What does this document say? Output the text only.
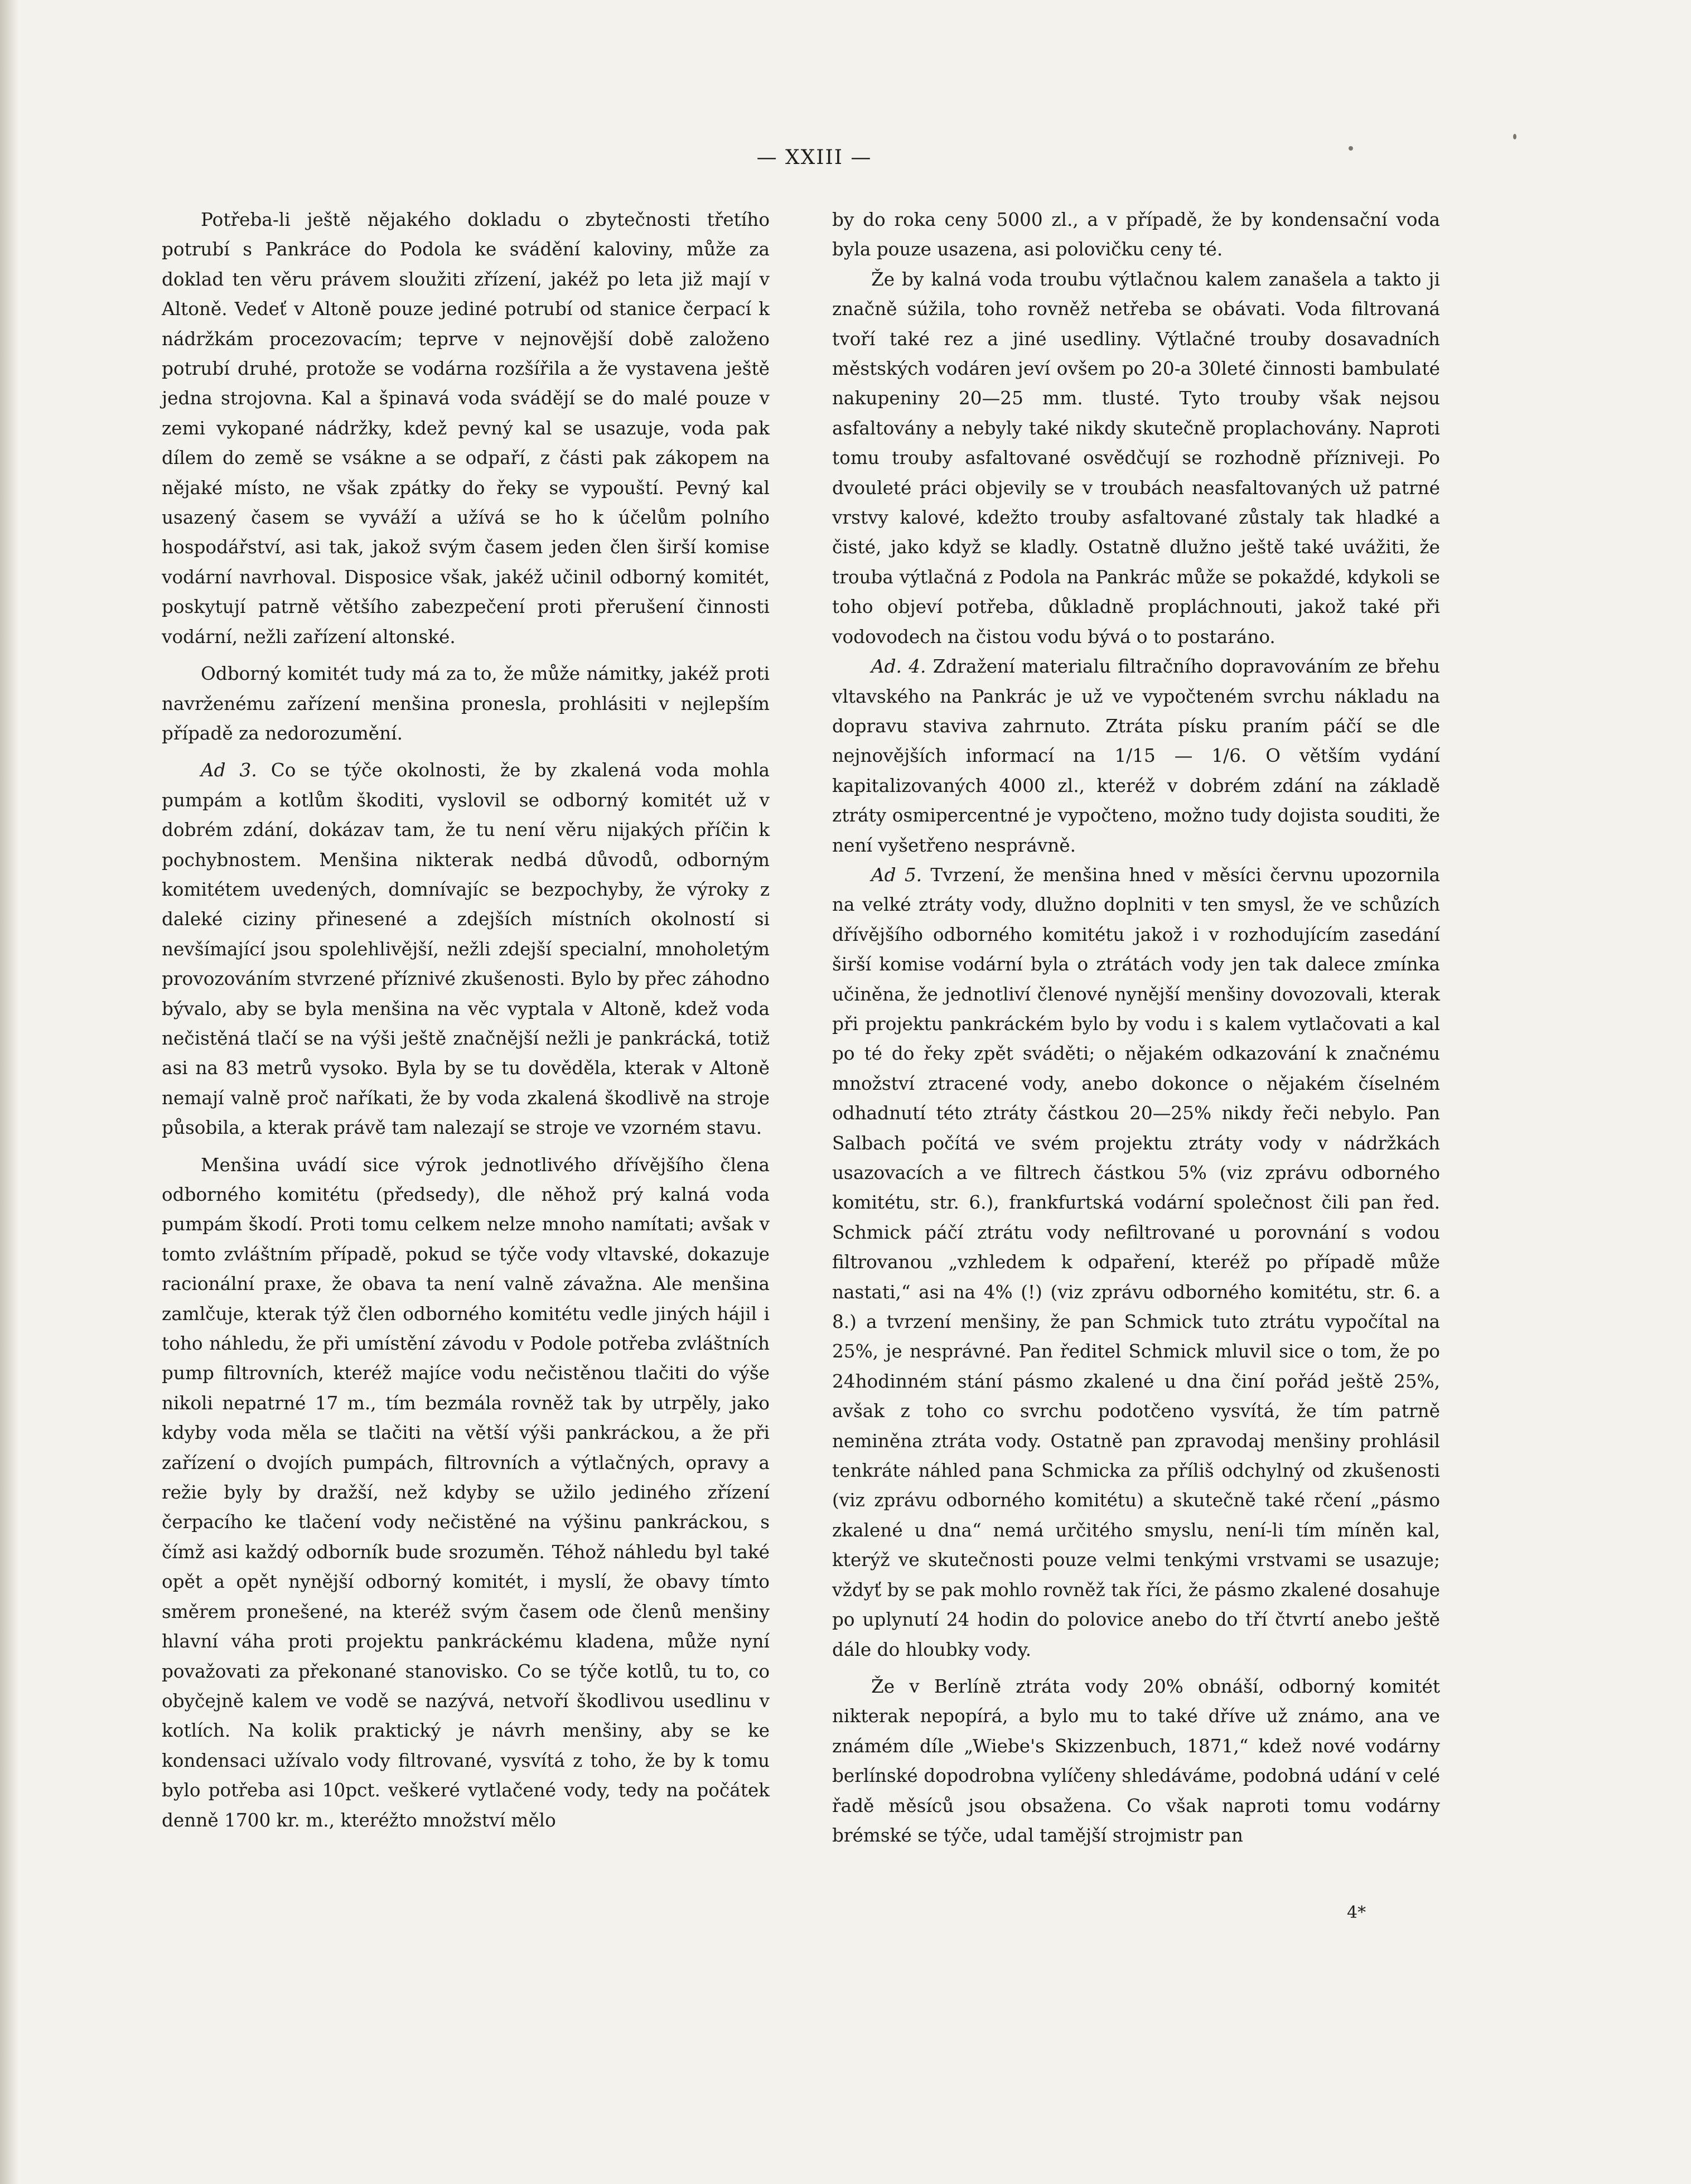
— XXIII —

Potřeba-li ještě nějakého dokladu o zbytečnosti třetího potrubí s Pankráce do Podola ke svádění kaloviny, může za doklad ten věru právem sloužiti zřízení, jakéž po leta již mají v Altoně. Vedeť v Altoně pouze jediné potrubí od stanice čerpací k nádržkám procezovacím; teprve v nejnovější době založeno potrubí druhé, protože se vodárna rozšířila a že vystavena ještě jedna strojovna. Kal a špinavá voda svádějí se do malé pouze v zemi vykopané nádržky, kdež pevný kal se usazuje, voda pak dílem do země se vsákne a se odpaří, z části pak zákopem na nějaké místo, ne však zpátky do řeky se vypouští. Pevný kal usazený časem se vyváží a užívá se ho k účelům polního hospodářství, asi tak, jakož svým časem jeden člen širší komise vodární navrhoval. Disposice však, jakéž učinil odborný komitét, poskytují patrně většího zabezpečení proti přerušení činnosti vodární, nežli zařízení altonské.

Odborný komitét tudy má za to, že může námitky, jakéž proti navrženému zařízení menšina pronesla, prohlásiti v nejlepším případě za nedorozumění.

Ad 3. Co se týče okolnosti, že by zkalená voda mohla pumpám a kotlům škoditi, vyslovil se odborný komitét už v dobrém zdání, dokázav tam, že tu není věru nijakých příčin k pochybnostem. Menšina nikterak nedbá důvodů, odborným komitétem uvedených, domnívajíc se bezpochyby, že výroky z daleké ciziny přinesené a zdejších místních okolností si nevšímající jsou spolehlivější, nežli zdejší specialní, mnoholetým provozováním stvrzené příznivé zkušenosti. Bylo by přec záhodno bývalo, aby se byla menšina na věc vyptala v Altoně, kdež voda nečistěná tlačí se na výši ještě značnější nežli je pankrácká, totiž asi na 83 metrů vysoko. Byla by se tu dověděla, kterak v Altoně nemají valně proč naříkati, že by voda zkalená škodlivě na stroje působila, a kterak právě tam nalezají se stroje ve vzorném stavu.

Menšina uvádí sice výrok jednotlivého dřívějšího člena odborného komitétu (předsedy), dle něhož prý kalná voda pumpám škodí. Proti tomu celkem nelze mnoho namítati; avšak v tomto zvláštním případě, pokud se týče vody vltavské, dokazuje racionální praxe, že obava ta není valně závažna. Ale menšina zamlčuje, kterak týž člen odborného komitétu vedle jiných hájil i toho náhledu, že při umístění závodu v Podole potřeba zvláštních pump filtrovních, kteréž majíce vodu nečistěnou tlačiti do výše nikoli nepatrné 17 m., tím bezmála rovněž tak by utrpěly, jako kdyby voda měla se tlačiti na větší výši pankráckou, a že při zařízení o dvojích pumpách, filtrovních a výtlačných, opravy a režie byly by dražší, než kdyby se užilo jediného zřízení čerpacího ke tlačení vody nečistěné na výšinu pankráckou, s čímž asi každý odborník bude srozuměn. Téhož náhledu byl také opět a opět nynější odborný komitét, i myslí, že obavy tímto směrem pronešené, na kteréž svým časem ode členů menšiny hlavní váha proti projektu pankráckému kladena, může nyní považovati za překonané stanovisko. Co se týče kotlů, tu to, co obyčejně kalem ve vodě se nazývá, netvoří škodlivou usedlinu v kotlích. Na kolik praktický je návrh menšiny, aby se ke kondensaci užívalo vody filtrované, vysvítá z toho, že by k tomu bylo potřeba asi 10pct. veškeré vytlačené vody, tedy na počátek denně 1700 kr. m., kteréžto množství mělo

by do roka ceny 5000 zl., a v případě, že by kondensační voda byla pouze usazena, asi polovičku ceny té.

Že by kalná voda troubu výtlačnou kalem zanašela a takto ji značně súžila, toho rovněž netřeba se obávati. Voda filtrovaná tvoří také rez a jiné usedliny. Výtlačné trouby dosavadních městských vodáren jeví ovšem po 20-a 30leté činnosti bambulaté nakupeniny 20—25 mm. tlusté. Tyto trouby však nejsou asfaltovány a nebyly také nikdy skutečně proplachovány. Naproti tomu trouby asfaltované osvědčují se rozhodně přízniveji. Po dvouleté práci objevily se v troubách neasfaltovaných už patrné vrstvy kalové, kdežto trouby asfaltované zůstaly tak hladké a čisté, jako když se kladly. Ostatně dlužno ještě také uvážiti, že trouba výtlačná z Podola na Pankrác může se pokaždé, kdykoli se toho objeví potřeba, důkladně propláchnouti, jakož také při vodovodech na čistou vodu bývá o to postaráno.

Ad. 4. Zdražení materialu filtračního dopravováním ze břehu vltavského na Pankrác je už ve vypočteném svrchu nákladu na dopravu staviva zahrnuto. Ztráta písku praním páčí se dle nejnovějších informací na 1/15 — 1/6. O větším vydání kapitalizovaných 4000 zl., kteréž v dobrém zdání na základě ztráty osmipercentné je vypočteno, možno tudy dojista souditi, že není vyšetřeno nesprávně.

Ad 5. Tvrzení, že menšina hned v měsíci červnu upozornila na velké ztráty vody, dlužno doplniti v ten smysl, že ve schůzích dřívějšího odborného komitétu jakož i v rozhodujícím zasedání širší komise vodární byla o ztrátách vody jen tak dalece zmínka učiněna, že jednotliví členové nynější menšiny dovozovali, kterak při projektu pankráckém bylo by vodu i s kalem vytlačovati a kal po té do řeky zpět sváděti; o nějakém odkazování k značnému množství ztracené vody, anebo dokonce o nějakém číselném odhadnutí této ztráty částkou 20—25% nikdy řeči nebylo. Pan Salbach počítá ve svém projektu ztráty vody v nádržkách usazovacích a ve filtrech částkou 5% (viz zprávu odborného komitétu, str. 6.), frankfurtská vodární společnost čili pan řed. Schmick páčí ztrátu vody nefiltrované u porovnání s vodou filtrovanou „vzhledem k odpaření, kteréž po případě může nastati,“ asi na 4% (!) (viz zprávu odborného komitétu, str. 6. a 8.) a tvrzení menšiny, že pan Schmick tuto ztrátu vypočítal na 25%, je nesprávné. Pan ředitel Schmick mluvil sice o tom, že po 24hodinném stání pásmo zkalené u dna činí pořád ještě 25%, avšak z toho co svrchu podotčeno vysvítá, že tím patrně neminěna ztráta vody. Ostatně pan zpravodaj menšiny prohlásil tenkráte náhled pana Schmicka za příliš odchylný od zkušenosti (viz zprávu odborného komitétu) a skutečně také rčení „pásmo zkalené u dna“ nemá určitého smyslu, není-li tím míněn kal, kterýž ve skutečnosti pouze velmi tenkými vrstvami se usazuje; vždyť by se pak mohlo rovněž tak říci, že pásmo zkalené dosahuje po uplynutí 24 hodin do polovice anebo do tří čtvrtí anebo ještě dále do hloubky vody.

Že v Berlíně ztráta vody 20% obnáší, odborný komitét nikterak nepopírá, a bylo mu to také dříve už známo, ana ve známém díle „Wiebe's Skizzenbuch, 1871,“ kdež nové vodárny berlínské dopodrobna vylíčeny shledáváme, podobná udání v celé řadě měsíců jsou obsažena. Co však naproti tomu vodárny brémské se týče, udal tamější strojmistr pan

4*
